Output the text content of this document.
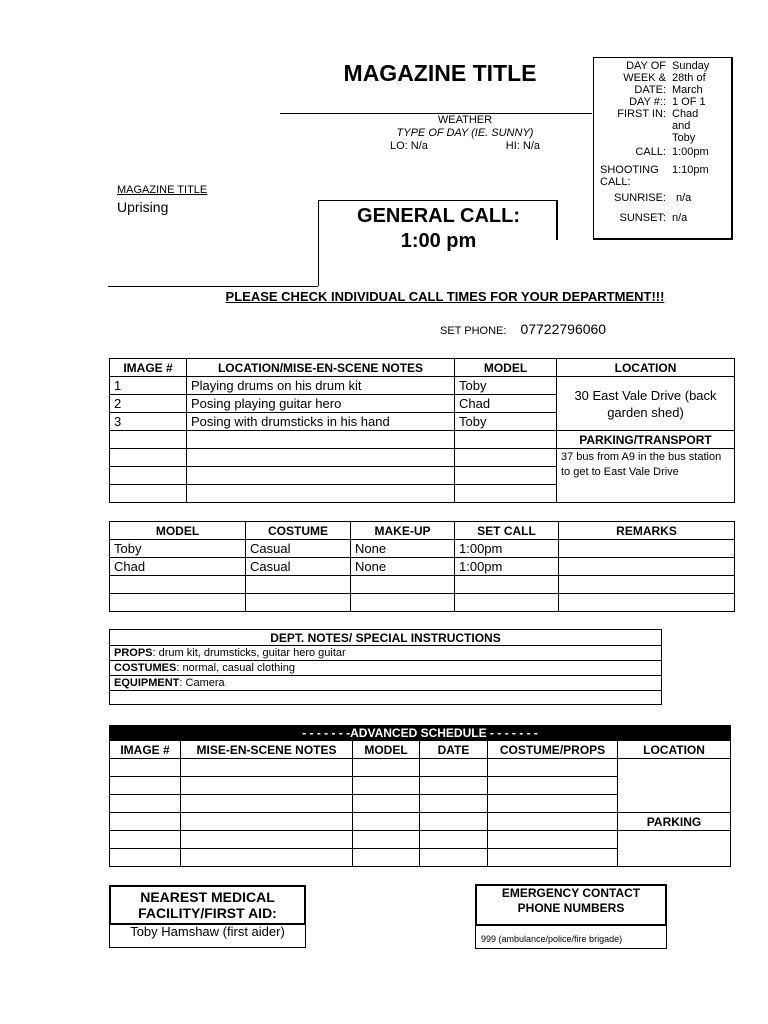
MAGAZINE TITLE
WEATHER
TYPE OF DAY (IE. SUNNY)
LO: N/a	HI: N/a
MAGAZINE TITLE
Uprising	GENERAL CALL:
1:00 pm
DAY OF WEEK & DATE:
Sunday 28th of March
DAY #:: 1 OF 1
FIRST IN: Chad and Toby
CALL: 1:00pm
SHOOTING CALL:
1:10pm
SUNRISE: n/a
SUNSET: n/a
PLEASE CHECK INDIVIDUAL CALL TIMES FOR YOUR DEPARTMENT!!!
SET PHONE: 07722796060
IMAGE #	LOCATION/MISE-EN-SCENE NOTES	MODEL	LOCATION
1	Playing drums on his drum kit	Toby	30 East Vale Drive (back garden shed)
2	Posing playing guitar hero	Chad	
3	Posing with drumsticks in his hand	Toby	
			PARKING/TRANSPORT
			37 bus from A9 in the bus station to get to East Vale Drive

MODEL	COSTUME	MAKE-UP	SET CALL	REMARKS
Toby	Casual	None	1:00pm	
Chad	Casual	None	1:00pm	

DEPT. NOTES/ SPECIAL INSTRUCTIONS
PROPS: drum kit, drumsticks, guitar hero guitar
COSTUMES: normal, casual clothing
EQUIPMENT: Camera

- - - - - - -ADVANCED SCHEDULE - - - - - - -					
IMAGE #	MISE-EN-SCENE NOTES	MODEL	DATE	COSTUME/PROPS	LOCATION

					PARKING

NEAREST MEDICAL FACILITY/FIRST AID:
Toby Hamshaw (first aider)
EMERGENCY CONTACT PHONE NUMBERS
999 (ambulance/police/fire brigade)
